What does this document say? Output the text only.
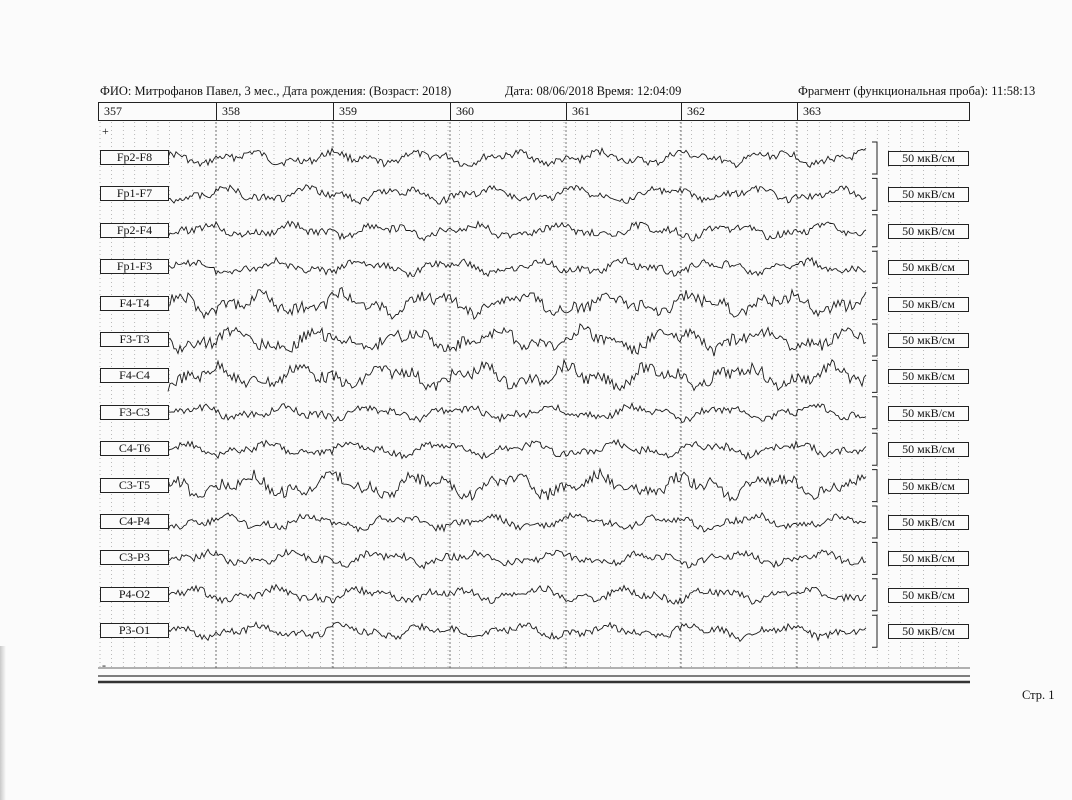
ФИО: Митрофанов Павел, 3 мес., Дата рождения: (Возраст: 2018)	Дата: 08/06/2018 Время: 12:04:09	Фрагмент (функциональная проба): 11:58:13
357	358	359	360	361	362	363
+
-
Fp2-F8	50 мкВ/см
Fp1-F7	50 мкВ/см
Fp2-F4	50 мкВ/см
Fp1-F3	50 мкВ/см
F4-T4	50 мкВ/см
F3-T3	50 мкВ/см
F4-C4	50 мкВ/см
F3-C3	50 мкВ/см
C4-T6	50 мкВ/см
C3-T5	50 мкВ/см
C4-P4	50 мкВ/см
C3-P3	50 мкВ/см
P4-O2	50 мкВ/см
P3-O1	50 мкВ/см
Стр. 1
